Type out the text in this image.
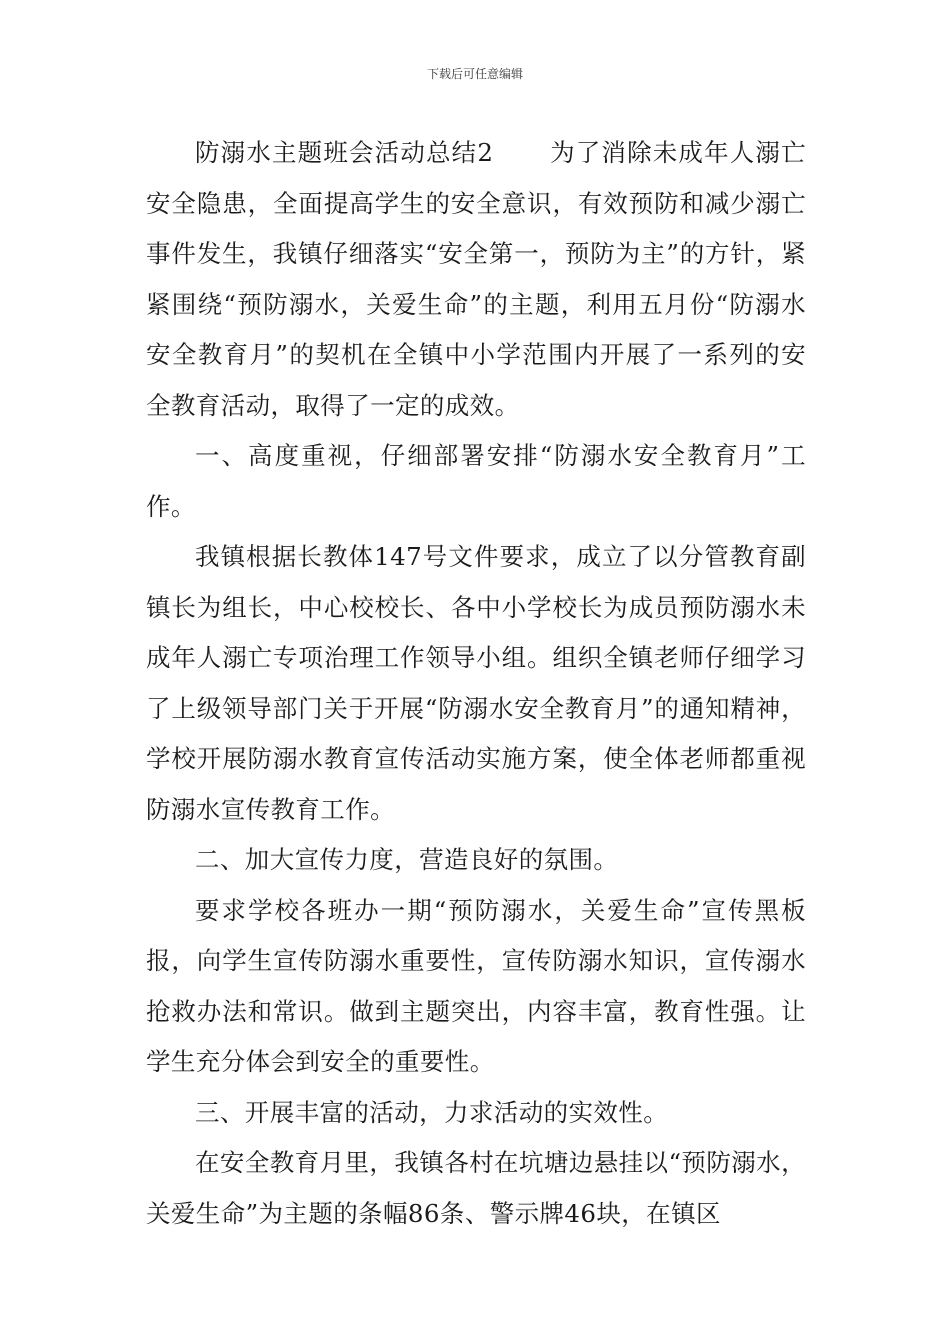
下载后可任意编辑

防溺水主题班会活动总结2 为了消除未成年人溺亡安全隐患，全面提高学生的安全意识，有效预防和减少溺亡事件发生，我镇仔细落实“安全第一，预防为主”的方针，紧紧围绕“预防溺水，关爱生命”的主题，利用五月份“防溺水安全教育月”的契机在全镇中小学范围内开展了一系列的安全教育活动，取得了一定的成效。

一、高度重视，仔细部署安排“防溺水安全教育月”工作。

我镇根据长教体147号文件要求，成立了以分管教育副镇长为组长，中心校校长、各中小学校长为成员预防溺水未成年人溺亡专项治理工作领导小组。组织全镇老师仔细学习了上级领导部门关于开展“防溺水安全教育月”的通知精神，学校开展防溺水教育宣传活动实施方案，使全体老师都重视防溺水宣传教育工作。

二、加大宣传力度，营造良好的氛围。

要求学校各班办一期“预防溺水，关爱生命”宣传黑板报，向学生宣传防溺水重要性，宣传防溺水知识，宣传溺水抢救办法和常识。做到主题突出，内容丰富，教育性强。让学生充分体会到安全的重要性。

三、开展丰富的活动，力求活动的实效性。

在安全教育月里，我镇各村在坑塘边悬挂以“预防溺水，关爱生命”为主题的条幅86条、警示牌46块，在镇区
